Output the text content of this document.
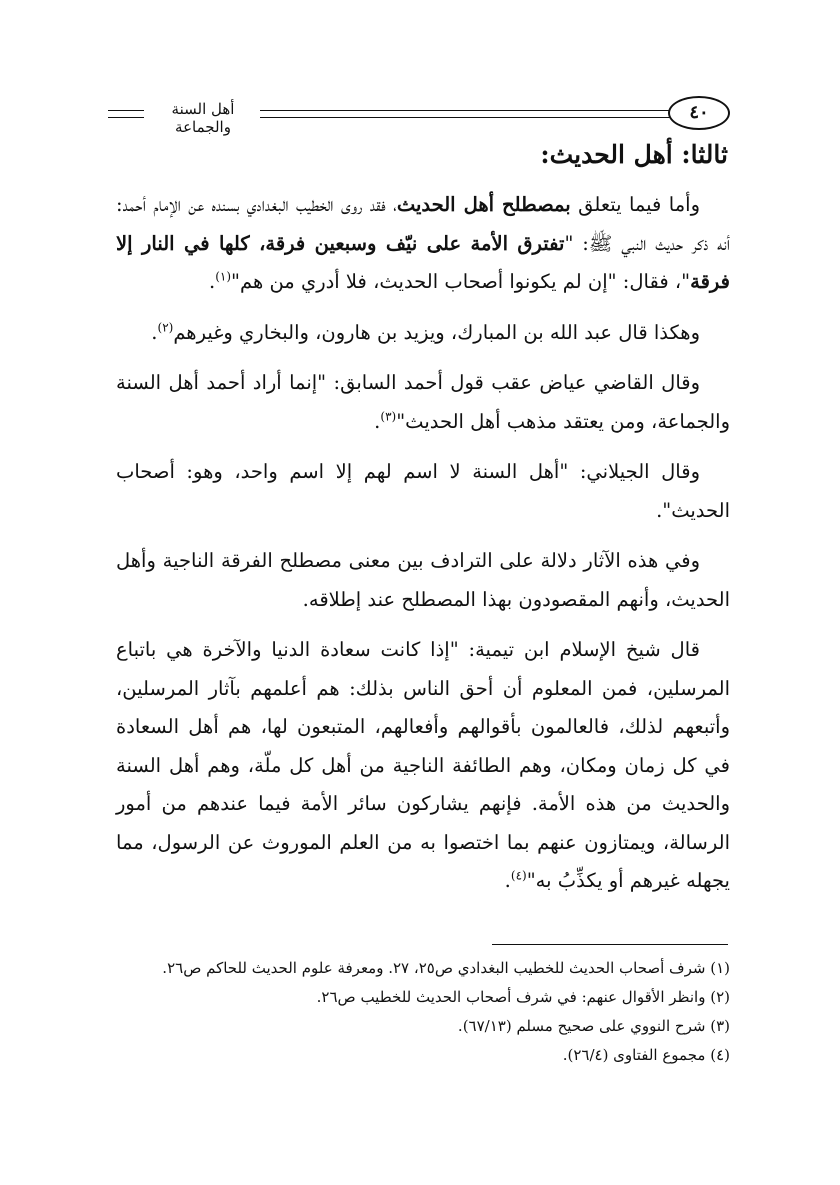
٤٠
أهل السنة والجماعة
ثالثا: أهل الحديث:

وأما فيما يتعلق بمصطلح أهل الحديث، فقد روى الخطيب البغدادي بسنده عن الإمام أحمد: أنه ذكر حديث النبي ﷺ: "تفترق الأمة على نيّف وسبعين فرقة، كلها في النار إلا فرقة"، فقال: "إن لم يكونوا أصحاب الحديث، فلا أدري من هم"$^{(١)}$.

وهكذا قال عبد الله بن المبارك، ويزيد بن هارون، والبخاري وغيرهم$^{(٢)}$.

وقال القاضي عياض عقب قول أحمد السابق: "إنما أراد أحمد أهل السنة والجماعة، ومن يعتقد مذهب أهل الحديث"$^{(٣)}$.

وقال الجيلاني: "أهل السنة لا اسم لهم إلا اسم واحد، وهو: أصحاب الحديث".

وفي هذه الآثار دلالة على الترادف بين معنى مصطلح الفرقة الناجية وأهل الحديث، وأنهم المقصودون بهذا المصطلح عند إطلاقه.

قال شيخ الإسلام ابن تيمية: "إذا كانت سعادة الدنيا والآخرة هي باتباع المرسلين، فمن المعلوم أن أحق الناس بذلك: هم أعلمهم بآثار المرسلين، وأتبعهم لذلك، فالعالمون بأقوالهم وأفعالهم، المتبعون لها، هم أهل السعادة في كل زمان ومكان، وهم الطائفة الناجية من أهل كل ملّة، وهم أهل السنة والحديث من هذه الأمة. فإنهم يشاركون سائر الأمة فيما عندهم من أمور الرسالة، ويمتازون عنهم بما اختصوا به من العلم الموروث عن الرسول، مما يجهله غيرهم أو يكذِّبُ به"$^{(٤)}$.

(١) شرف أصحاب الحديث للخطيب البغدادي ص٢٥، ٢٧. ومعرفة علوم الحديث للحاكم ص٢٦.

(٢) وانظر الأقوال عنهم: في شرف أصحاب الحديث للخطيب ص٢٦.

(٣) شرح النووي على صحيح مسلم (٦٧/١٣).

(٤) مجموع الفتاوى (٢٦/٤).
